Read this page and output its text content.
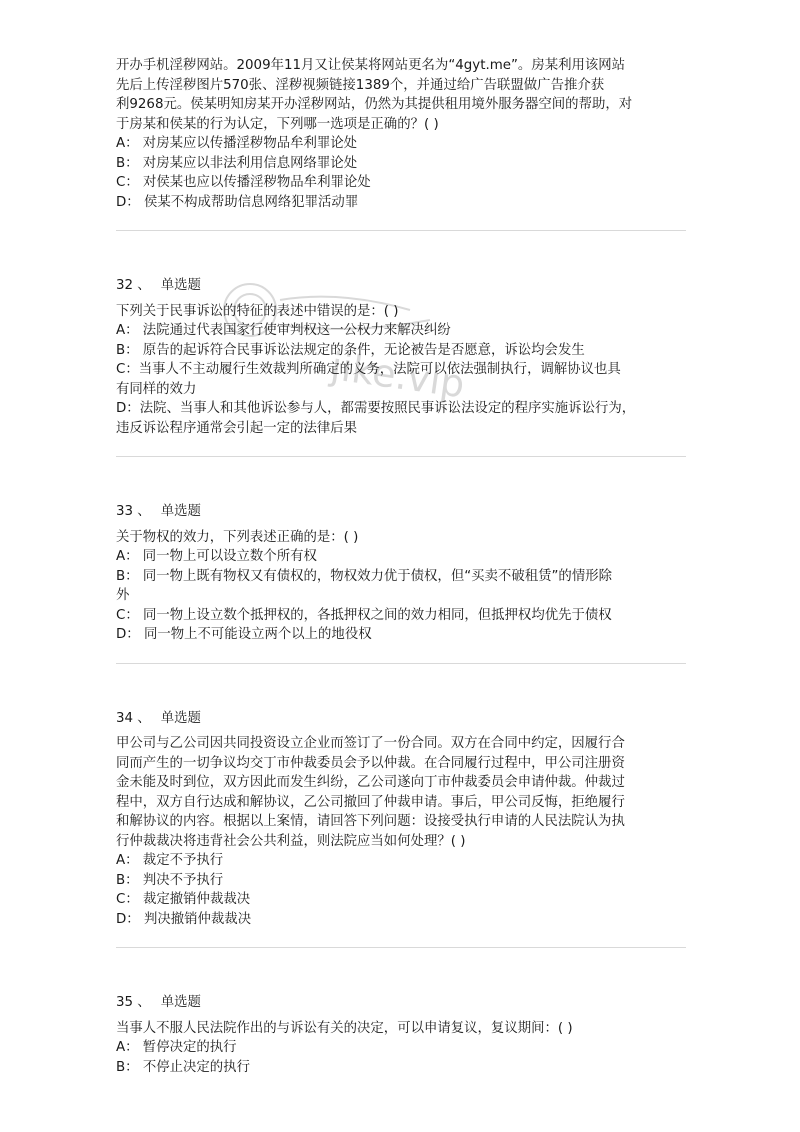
jike.vip
开办手机淫秽网站。2009年11月又让侯某将网站更名为“4gyt.me”。房某利用该网站
先后上传淫秽图片570张、淫秽视频链接1389个，并通过给广告联盟做广告推介获
利9268元。侯某明知房某开办淫秽网站，仍然为其提供租用境外服务器空间的帮助，对
于房某和侯某的行为认定，下列哪一选项是正确的？( )
A： 对房某应以传播淫秽物品牟利罪论处
B： 对房某应以非法利用信息网络罪论处
C： 对侯某也应以传播淫秽物品牟利罪论处
D： 侯某不构成帮助信息网络犯罪活动罪
32 、 单选题
下列关于民事诉讼的特征的表述中错误的是：( )
A： 法院通过代表国家行使审判权这一公权力来解决纠纷
B： 原告的起诉符合民事诉讼法规定的条件，无论被告是否愿意，诉讼均会发生
C：当事人不主动履行生效裁判所确定的义务，法院可以依法强制执行，调解协议也具
有同样的效力
D：法院、当事人和其他诉讼参与人，都需要按照民事诉讼法设定的程序实施诉讼行为，
违反诉讼程序通常会引起一定的法律后果
33 、 单选题
关于物权的效力，下列表述正确的是：( )
A： 同一物上可以设立数个所有权
B： 同一物上既有物权又有债权的，物权效力优于债权，但“买卖不破租赁”的情形除
外
C： 同一物上设立数个抵押权的，各抵押权之间的效力相同，但抵押权均优先于债权
D： 同一物上不可能设立两个以上的地役权
34 、 单选题
甲公司与乙公司因共同投资设立企业而签订了一份合同。双方在合同中约定，因履行合
同而产生的一切争议均交丁市仲裁委员会予以仲裁。在合同履行过程中，甲公司注册资
金未能及时到位，双方因此而发生纠纷，乙公司遂向丁市仲裁委员会申请仲裁。仲裁过
程中，双方自行达成和解协议，乙公司撤回了仲裁申请。事后，甲公司反悔，拒绝履行
和解协议的内容。根据以上案情，请回答下列问题：设接受执行申请的人民法院认为执
行仲裁裁决将违背社会公共利益，则法院应当如何处理？( )
A： 裁定不予执行
B： 判决不予执行
C： 裁定撤销仲裁裁决
D： 判决撤销仲裁裁决
35 、 单选题
当事人不服人民法院作出的与诉讼有关的决定，可以申请复议，复议期间：( )
A： 暂停决定的执行
B： 不停止决定的执行
